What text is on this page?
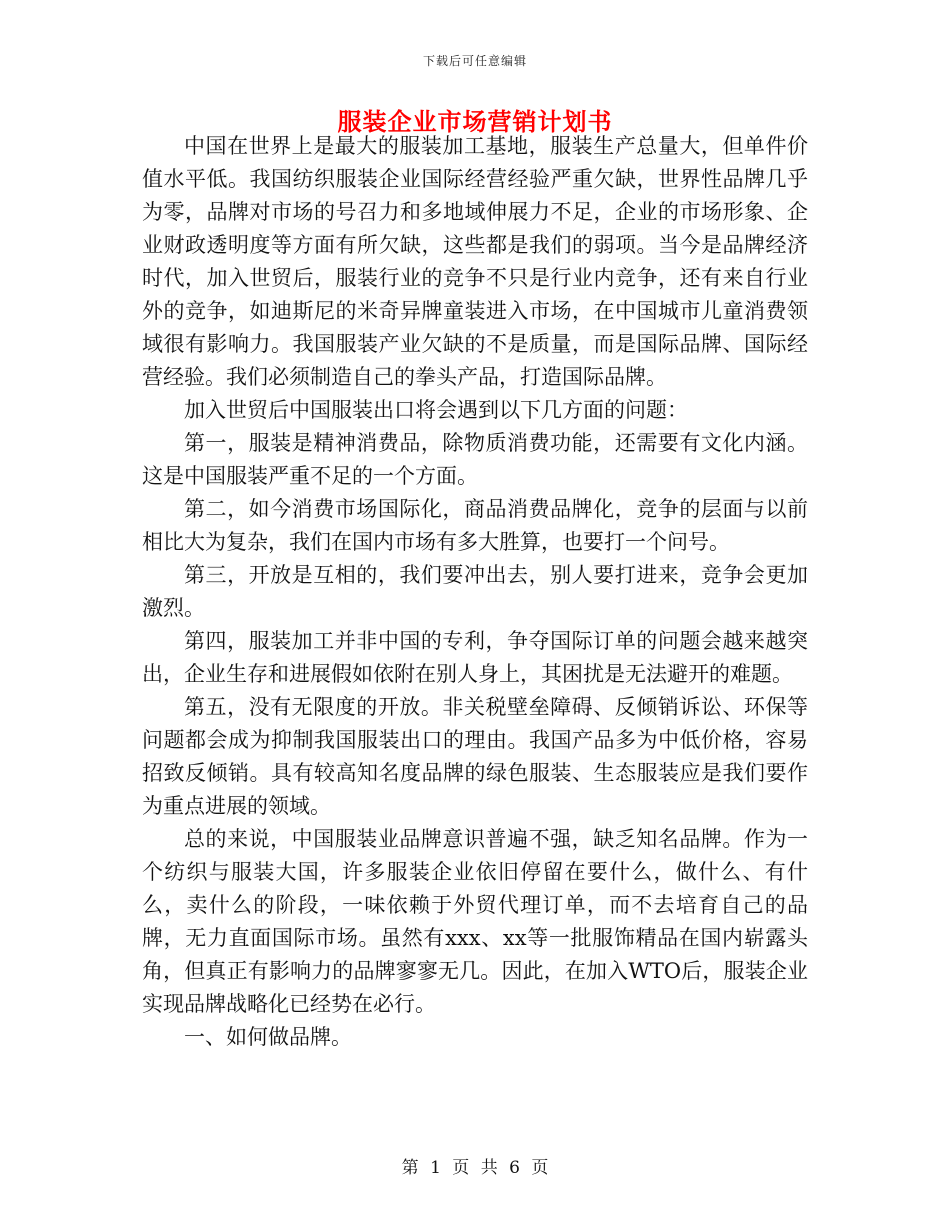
下载后可任意编辑
服装企业市场营销计划书

中国在世界上是最大的服装加工基地，服装生产总量大，但单件价值水平低。我国纺织服装企业国际经营经验严重欠缺，世界性品牌几乎为零，品牌对市场的号召力和多地域伸展力不足，企业的市场形象、企业财政透明度等方面有所欠缺，这些都是我们的弱项。当今是品牌经济时代，加入世贸后，服装行业的竞争不只是行业内竞争，还有来自行业外的竞争，如迪斯尼的米奇异牌童装进入市场，在中国城市儿童消费领域很有影响力。我国服装产业欠缺的不是质量，而是国际品牌、国际经营经验。我们必须制造自己的拳头产品，打造国际品牌。

加入世贸后中国服装出口将会遇到以下几方面的问题：

第一，服装是精神消费品，除物质消费功能，还需要有文化内涵。这是中国服装严重不足的一个方面。

第二，如今消费市场国际化，商品消费品牌化，竞争的层面与以前相比大为复杂，我们在国内市场有多大胜算，也要打一个问号。

第三，开放是互相的，我们要冲出去，别人要打进来，竞争会更加激烈。

第四，服装加工并非中国的专利，争夺国际订单的问题会越来越突出，企业生存和进展假如依附在别人身上，其困扰是无法避开的难题。

第五，没有无限度的开放。非关税壁垒障碍、反倾销诉讼、环保等问题都会成为抑制我国服装出口的理由。我国产品多为中低价格，容易招致反倾销。具有较高知名度品牌的绿色服装、生态服装应是我们要作为重点进展的领域。

总的来说，中国服装业品牌意识普遍不强，缺乏知名品牌。作为一个纺织与服装大国，许多服装企业依旧停留在要什么，做什么、有什么，卖什么的阶段，一味依赖于外贸代理订单，而不去培育自己的品牌，无力直面国际市场。虽然有xxx、xx等一批服饰精品在国内崭露头角，但真正有影响力的品牌寥寥无几。因此，在加入WTO后，服装企业实现品牌战略化已经势在必行。

一、如何做品牌。

第 1 页 共 6 页
